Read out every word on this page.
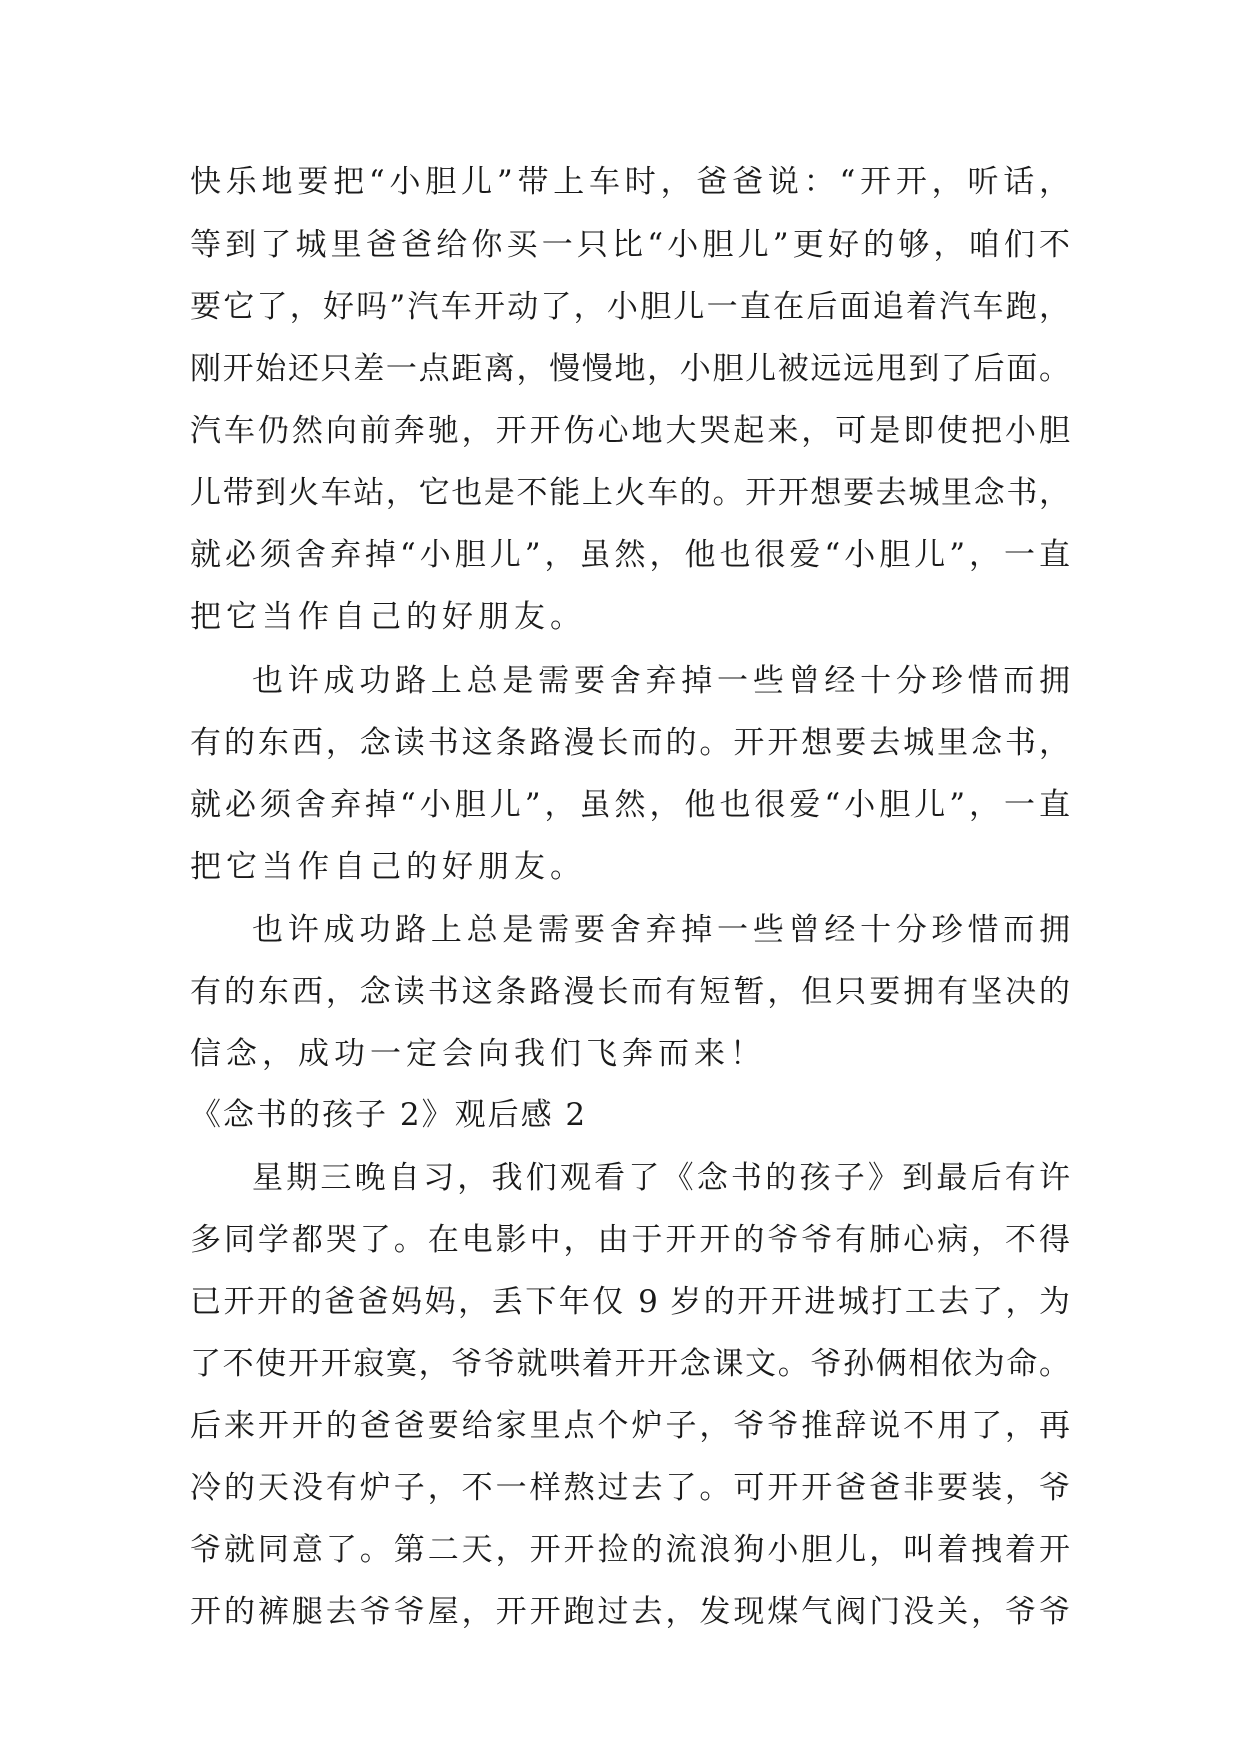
快乐地要把“小胆儿”带上车时，爸爸说：“开开，听话，
等到了城里爸爸给你买一只比“小胆儿”更好的够，咱们不
要它了，好吗”汽车开动了，小胆儿一直在后面追着汽车跑，
刚开始还只差一点距离，慢慢地，小胆儿被远远甩到了后面。
汽车仍然向前奔驰，开开伤心地大哭起来，可是即使把小胆
儿带到火车站，它也是不能上火车的。开开想要去城里念书，
就必须舍弃掉“小胆儿”，虽然，他也很爱“小胆儿”，一直
把它当作自己的好朋友。
也许成功路上总是需要舍弃掉一些曾经十分珍惜而拥
有的东西，念读书这条路漫长而的。开开想要去城里念书，
就必须舍弃掉“小胆儿”，虽然，他也很爱“小胆儿”，一直
把它当作自己的好朋友。
也许成功路上总是需要舍弃掉一些曾经十分珍惜而拥
有的东西，念读书这条路漫长而有短暂，但只要拥有坚决的
信念，成功一定会向我们飞奔而来！
《念书的孩子 2》观后感 2
星期三晚自习，我们观看了《念书的孩子》到最后有许
多同学都哭了。在电影中，由于开开的爷爷有肺心病，不得
已开开的爸爸妈妈，丢下年仅 9 岁的开开进城打工去了，为
了不使开开寂寞，爷爷就哄着开开念课文。爷孙俩相依为命。
后来开开的爸爸要给家里点个炉子，爷爷推辞说不用了，再
冷的天没有炉子，不一样熬过去了。可开开爸爸非要装，爷
爷就同意了。第二天，开开捡的流浪狗小胆儿，叫着拽着开
开的裤腿去爷爷屋，开开跑过去，发现煤气阀门没关，爷爷
